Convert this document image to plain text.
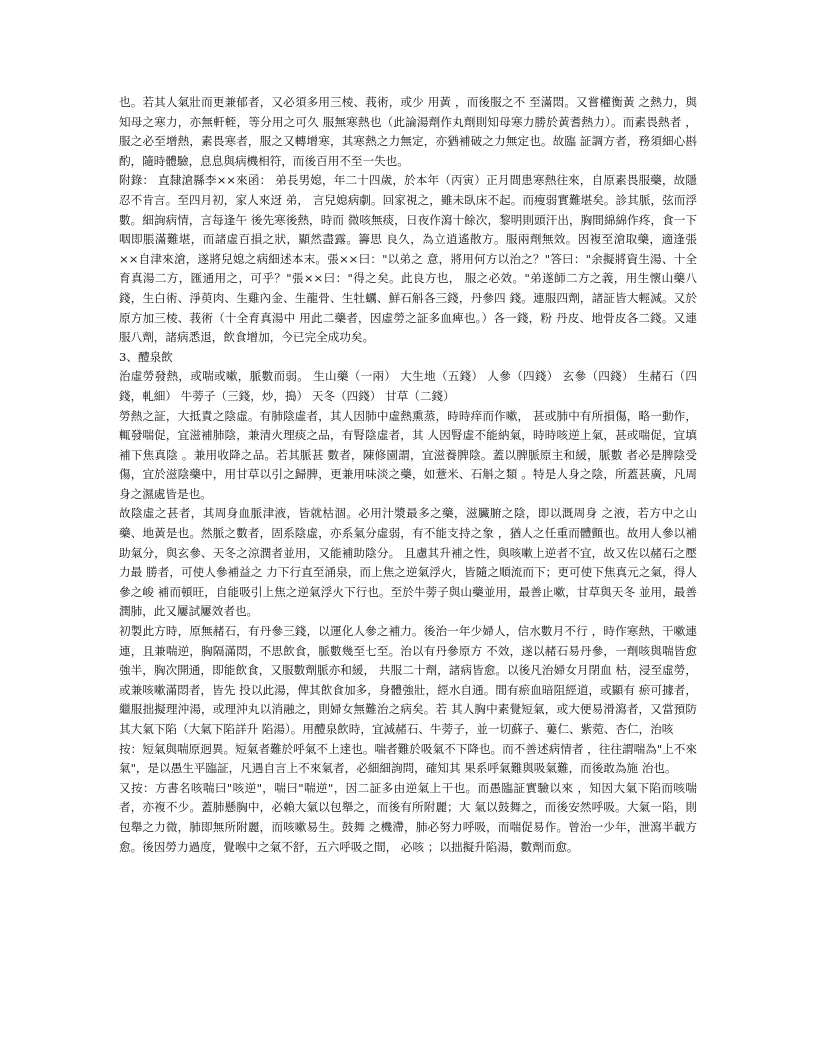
也。若其人氣壯而更兼郁者，又必須多用三棱、莪術，或少 用黃 ，而後服之不 至滿悶。又嘗權衡黃 之熱力，與知母之寒力，亦無軒輊，等分用之可久 服無寒熱也（此論湯劑作丸劑則知母寒力勝於黃耆熱力）。而素畏熱者 ，服之必至增熱，素畏寒者，服之又轉增寒，其寒熱之力無定，亦猶補破之力無定也。故臨 証調方者，務須細心斟酌，隨時體驗，息息與病機相符，而後百用不至一失也。

附錄： 直隸滄縣李××來函： 弟長男媳，年二十四歲，於本年（丙寅）正月間患寒熱往來，自原素畏服藥，故隱忍不肯言。至四月初，家人來迓 弟， 言兒媳病劇。回家視之，雖未臥床不起。而瘦弱實難堪矣。診其脈，弦而浮數。細詢病情，言每逢午 後先寒後熱，時而 微咳無痰，日夜作瀉十餘次，黎明則頭汗出，胸間綿綿作疼，食一下咽即脹滿難堪，而諸虛百損之狀，顯然盡露。籌思 良久，為立逍遙散方。服兩劑無效。因複至滄取藥，適逢張××自津來滄，遂將兒媳之病細述本末。張××曰："以弟之 意，將用何方以治之？"答曰："余擬將資生湯、十全育真湯二方，匯通用之，可乎？"張××曰："得之矣。此良方也， 服之必效。"弟遂師二方之義，用生懷山藥八錢，生白術、淨萸肉、生雞內金、生龍骨、生牡蠣、鮮石斛各三錢，丹參四 錢。連服四劑，諸証皆大輕減。又於原方加三棱、莪術（十全育真湯中 用此二藥者，因虛勞之証多血痺也。）各一錢，粉 丹皮、地骨皮各二錢。又連服八劑，諸病悉退，飲食增加，今已完全成功矣。

3、醴泉飲

治虛勞發熱，或喘或嗽，脈數而弱。 生山藥（一兩） 大生地（五錢） 人參（四錢） 玄參（四錢） 生赭石（四錢，軋細） 牛蒡子（三錢，炒，搗） 天冬（四錢） 甘草（二錢）

勞熱之証，大抵責之陰虛。有肺陰虛者，其人因肺中虛熱熏蒸，時時痒而作嗽， 甚或肺中有所損傷，略一動作，輒發喘促，宜滋補肺陰，兼清火理痰之品，有腎陰虛者，其 人因腎虛不能納氣，時時咳逆上氣，甚或喘促，宜填補下焦真陰 。兼用收降之品。若其脈甚 數者，陳修園謂，宜滋養脾陰。蓋以脾脈原主和緩，脈數 者必是脾陰受傷，宜於滋陰藥中，用甘草以引之歸脾，更兼用味淡之藥，如薏米、石斛之類 。特是人身之陰，所蓋甚廣，凡周身之濕處皆是也。

故陰虛之甚者，其周身血脈津液，皆就枯涸。必用汁漿最多之藥，滋臟腑之陰，即以溉周身 之液，若方中之山藥、地黃是也。然脈之數者，固系陰虛，亦系氣分虛弱，有不能支持之象 ，猶人之任重而體顫也。故用人參以補助氣分，與玄參、天冬之涼潤者並用，又能補助陰分。 且慮其升補之性，與咳嗽上逆者不宜，故又佐以赭石之壓力最 勝者，可使人參補益之 力下行直至涌泉，而上焦之逆氣浮火，皆隨之順流而下；更可使下焦真元之氣，得人參之峻 補而頓旺，自能吸引上焦之逆氣浮火下行也。至於牛蒡子與山藥並用，最善止嗽，甘草與天冬 並用，最善潤肺，此又屢試屢效者也。

初製此方時，原無赭石，有丹參三錢，以運化人參之補力。後治一年少婦人，信水數月不行 ，時作寒熱，干嗽連連，且兼喘逆，胸隔滿悶，不思飲食，脈數幾至七至。治以有丹參原方 不效，遂以赭石易丹參，一劑咳與喘皆愈強半，胸次開通，即能飲食，又服數劑脈亦和緩， 共服二十劑，諸病皆愈。以後凡治婦女月閉血 枯，浸至虛勞，或兼咳嗽滿悶者，皆先 投以此湯，俾其飲食加多，身體強壯，經水自通。間有瘀血暗阻經道，或顯有 瘀可據者，繼服拙擬理沖湯，或理沖丸以消融之，則婦女無難治之病矣。若 其人胸中素覺短氣，或大便易滑瀉者，又當預防其大氣下陷（大氣下陷詳升 陷湯）。用醴泉飲時，宜減赭石、牛蒡子，並一切蘇子、蔞仁、紫菀、杏仁，治咳

按：短氣與喘原迥異。短氣者難於呼氣不上達也。喘者難於吸氣不下降也。而不善述病情者 ，往往謂喘為"上不來氣"，是以愚生平臨証，凡遇自言上不來氣者，必細細詢問，確知其 果系呼氣難與吸氣難，而後敢為施 治也。

又按：方書名咳喘曰"咳逆"，喘曰"喘逆"，因二証多由逆氣上干也。而愚臨証實驗以來 ，知因大氣下陷而咳喘者，亦複不少。蓋肺懸胸中，必賴大氣以包舉之，而後有所附麗；大 氣以鼓舞之，而後安然呼吸。大氣一陷，則包舉之力微，肺即無所附麗，而咳嗽易生。鼓舞 之機滯，肺必努力呼吸，而喘促易作。曾治一少年，泄瀉半載方愈。後因勞力過度，覺喉中之氣不舒，五六呼吸之間， 必咳 ；以拙擬升陷湯，數劑而愈。
